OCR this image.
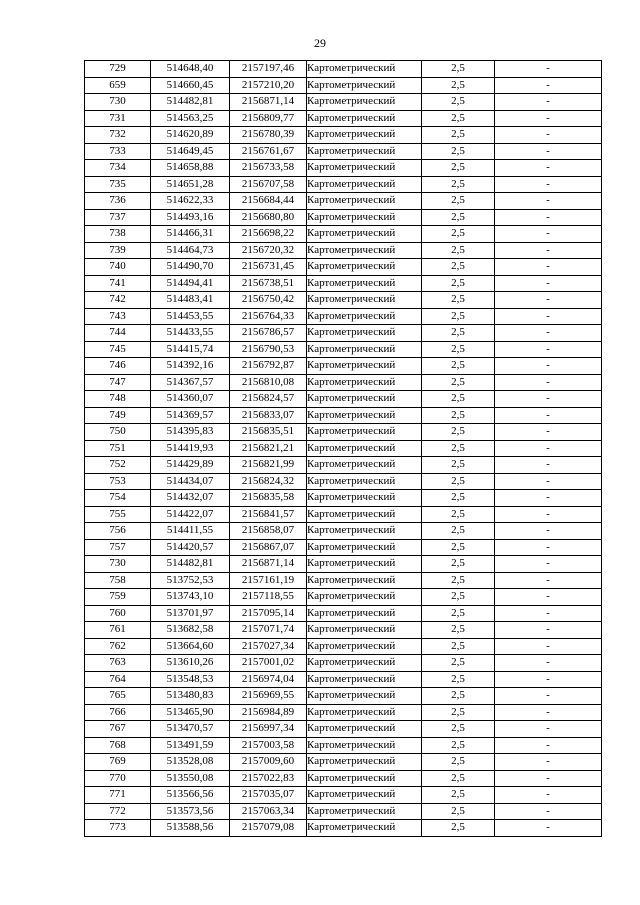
29
729	514648,40	2157197,46	Картометрический	2,5	-
659	514660,45	2157210,20	Картометрический	2,5	-
730	514482,81	2156871,14	Картометрический	2,5	-
731	514563,25	2156809,77	Картометрический	2,5	-
732	514620,89	2156780,39	Картометрический	2,5	-
733	514649,45	2156761,67	Картометрический	2,5	-
734	514658,88	2156733,58	Картометрический	2,5	-
735	514651,28	2156707,58	Картометрический	2,5	-
736	514622,33	2156684,44	Картометрический	2,5	-
737	514493,16	2156680,80	Картометрический	2,5	-
738	514466,31	2156698,22	Картометрический	2,5	-
739	514464,73	2156720,32	Картометрический	2,5	-
740	514490,70	2156731,45	Картометрический	2,5	-
741	514494,41	2156738,51	Картометрический	2,5	-
742	514483,41	2156750,42	Картометрический	2,5	-
743	514453,55	2156764,33	Картометрический	2,5	-
744	514433,55	2156786,57	Картометрический	2,5	-
745	514415,74	2156790,53	Картометрический	2,5	-
746	514392,16	2156792,87	Картометрический	2,5	-
747	514367,57	2156810,08	Картометрический	2,5	-
748	514360,07	2156824,57	Картометрический	2,5	-
749	514369,57	2156833,07	Картометрический	2,5	-
750	514395,83	2156835,51	Картометрический	2,5	-
751	514419,93	2156821,21	Картометрический	2,5	-
752	514429,89	2156821,99	Картометрический	2,5	-
753	514434,07	2156824,32	Картометрический	2,5	-
754	514432,07	2156835,58	Картометрический	2,5	-
755	514422,07	2156841,57	Картометрический	2,5	-
756	514411,55	2156858,07	Картометрический	2,5	-
757	514420,57	2156867,07	Картометрический	2,5	-
730	514482,81	2156871,14	Картометрический	2,5	-
758	513752,53	2157161,19	Картометрический	2,5	-
759	513743,10	2157118,55	Картометрический	2,5	-
760	513701,97	2157095,14	Картометрический	2,5	-
761	513682,58	2157071,74	Картометрический	2,5	-
762	513664,60	2157027,34	Картометрический	2,5	-
763	513610,26	2157001,02	Картометрический	2,5	-
764	513548,53	2156974,04	Картометрический	2,5	-
765	513480,83	2156969,55	Картометрический	2,5	-
766	513465,90	2156984,89	Картометрический	2,5	-
767	513470,57	2156997,34	Картометрический	2,5	-
768	513491,59	2157003,58	Картометрический	2,5	-
769	513528,08	2157009,60	Картометрический	2,5	-
770	513550,08	2157022,83	Картометрический	2,5	-
771	513566,56	2157035,07	Картометрический	2,5	-
772	513573,56	2157063,34	Картометрический	2,5	-
773	513588,56	2157079,08	Картометрический	2,5	-
